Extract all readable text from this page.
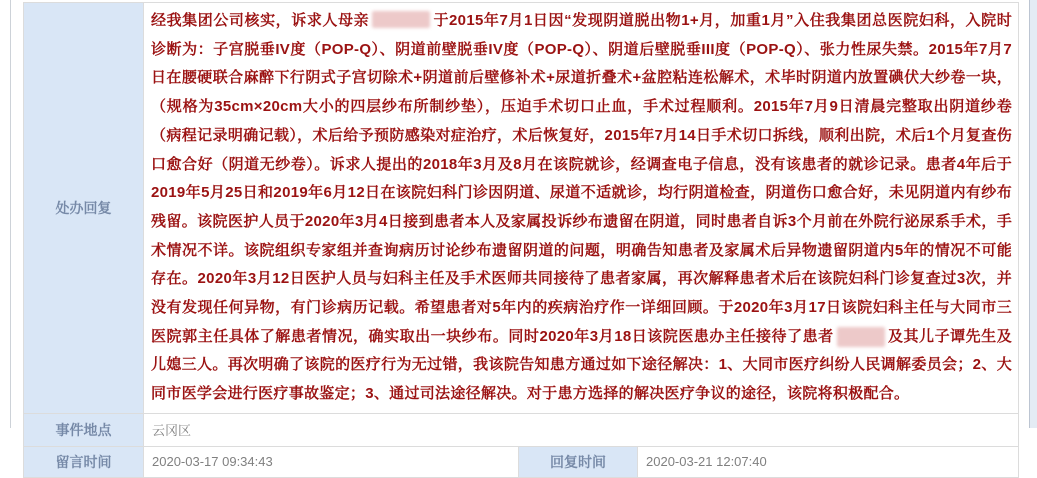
处办回复	经我集团公司核实，诉求人母亲 于2015年7月1日因“发现阴道脱出物1+月，加重1月”入住我集团总医院妇科，入院时诊断为：子宫脱垂IV度（POP-Q）、阴道前壁脱垂IV度（POP-Q）、阴道后壁脱垂III度（POP-Q）、张力性尿失禁。2015年7月7日在腰硬联合麻醉下行阴式子宫切除术+阴道前后壁修补术+尿道折叠术+盆腔粘连松解术，术毕时阴道内放置碘伏大纱卷一块，（规格为35cm×20cm大小的四层纱布所制纱垫），压迫手术切口止血，手术过程顺利。2015年7月9日清晨完整取出阴道纱卷（病程记录明确记载），术后给予预防感染对症治疗，术后恢复好，2015年7月14日手术切口拆线，顺利出院，术后1个月复查伤口愈合好（阴道无纱卷）。诉求人提出的2018年3月及8月在该院就诊，经调查电子信息，没有该患者的就诊记录。患者4年后于2019年5月25日和2019年6月12日在该院妇科门诊因阴道、尿道不适就诊，均行阴道检查，阴道伤口愈合好，未见阴道内有纱布残留。该院医护人员于2020年3月4日接到患者本人及家属投诉纱布遗留在阴道，同时患者自诉3个月前在外院行泌尿系手术，手术情况不详。该院组织专家组并查询病历讨论纱布遗留阴道的问题，明确告知患者及家属术后异物遗留阴道内5年的情况不可能存在。2020年3月12日医护人员与妇科主任及手术医师共同接待了患者家属，再次解释患者术后在该院妇科门诊复查过3次，并没有发现任何异物，有门诊病历记载。希望患者对5年内的疾病治疗作一详细回顾。于2020年3月17日该院妇科主任与大同市三医院郭主任具体了解患者情况，确实取出一块纱布。同时2020年3月18日该院医患办主任接待了患者 及其儿子谭先生及儿媳三人。再次明确了该院的医疗行为无过错，我该院告知患方通过如下途径解决：1、大同市医疗纠纷人民调解委员会；2、大同市医学会进行医疗事故鉴定；3、通过司法途径解决。对于患方选择的解决医疗争议的途径，该院将积极配合。		

事件地点	云冈区		
留言时间	2020-03-17 09:34:43	回复时间	2020-03-21 12:07:40
